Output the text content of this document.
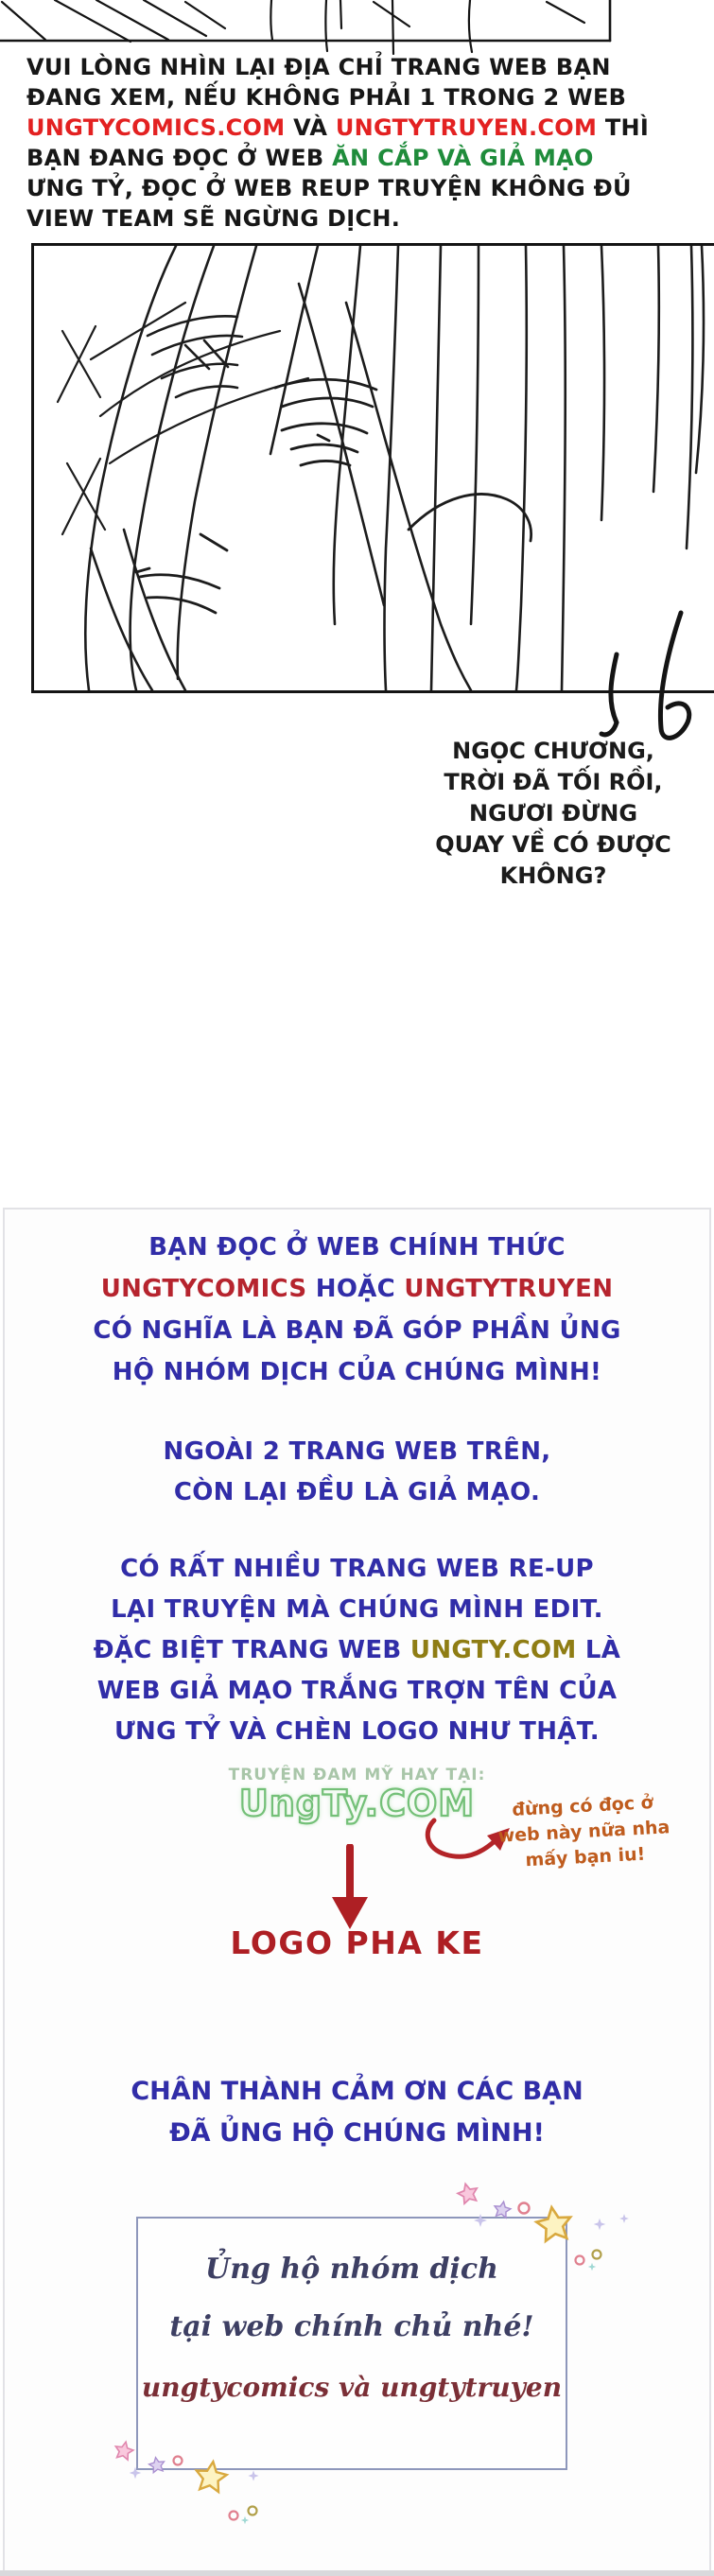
VUI LÒNG NHÌN LẠI ĐỊA CHỈ TRANG WEB BẠN
ĐANG XEM, NẾU KHÔNG PHẢI 1 TRONG 2 WEB
UNGTYCOMICS.COM VÀ UNGTYTRUYEN.COM THÌ
BẠN ĐANG ĐỌC Ở WEB ĂN CẮP VÀ GIẢ MẠO
ƯNG TỶ, ĐỌC Ở WEB REUP TRUYỆN KHÔNG ĐỦ
VIEW TEAM SẼ NGỪNG DỊCH.
NGỌC CHƯƠNG,
TRỜI ĐÃ TỐI RỒI,
NGƯƠI ĐỪNG
QUAY VỀ CÓ ĐƯỢC
KHÔNG?
BẠN ĐỌC Ở WEB CHÍNH THỨC
UNGTYCOMICS HOẶC UNGTYTRUYEN
CÓ NGHĨA LÀ BẠN ĐÃ GÓP PHẦN ỦNG
HỘ NHÓM DỊCH CỦA CHÚNG MÌNH!
NGOÀI 2 TRANG WEB TRÊN,
CÒN LẠI ĐỀU LÀ GIẢ MẠO.
CÓ RẤT NHIỀU TRANG WEB RE-UP
LẠI TRUYỆN MÀ CHÚNG MÌNH EDIT.
ĐẶC BIỆT TRANG WEB UNGTY.COM LÀ
WEB GIẢ MẠO TRẮNG TRỢN TÊN CỦA
ƯNG TỶ VÀ CHÈN LOGO NHƯ THẬT.
TRUYỆN ĐAM MỸ HAY TẠI:
UngTy.COM	đừng có đọc ở
web này nữa nha
mấy bạn iu!
LOGO PHA KE
CHÂN THÀNH CẢM ƠN CÁC BẠN
ĐÃ ỦNG HỘ CHÚNG MÌNH!
Ủng hộ nhóm dịch
tại web chính chủ nhé!
ungtycomics và ungtytruyen
